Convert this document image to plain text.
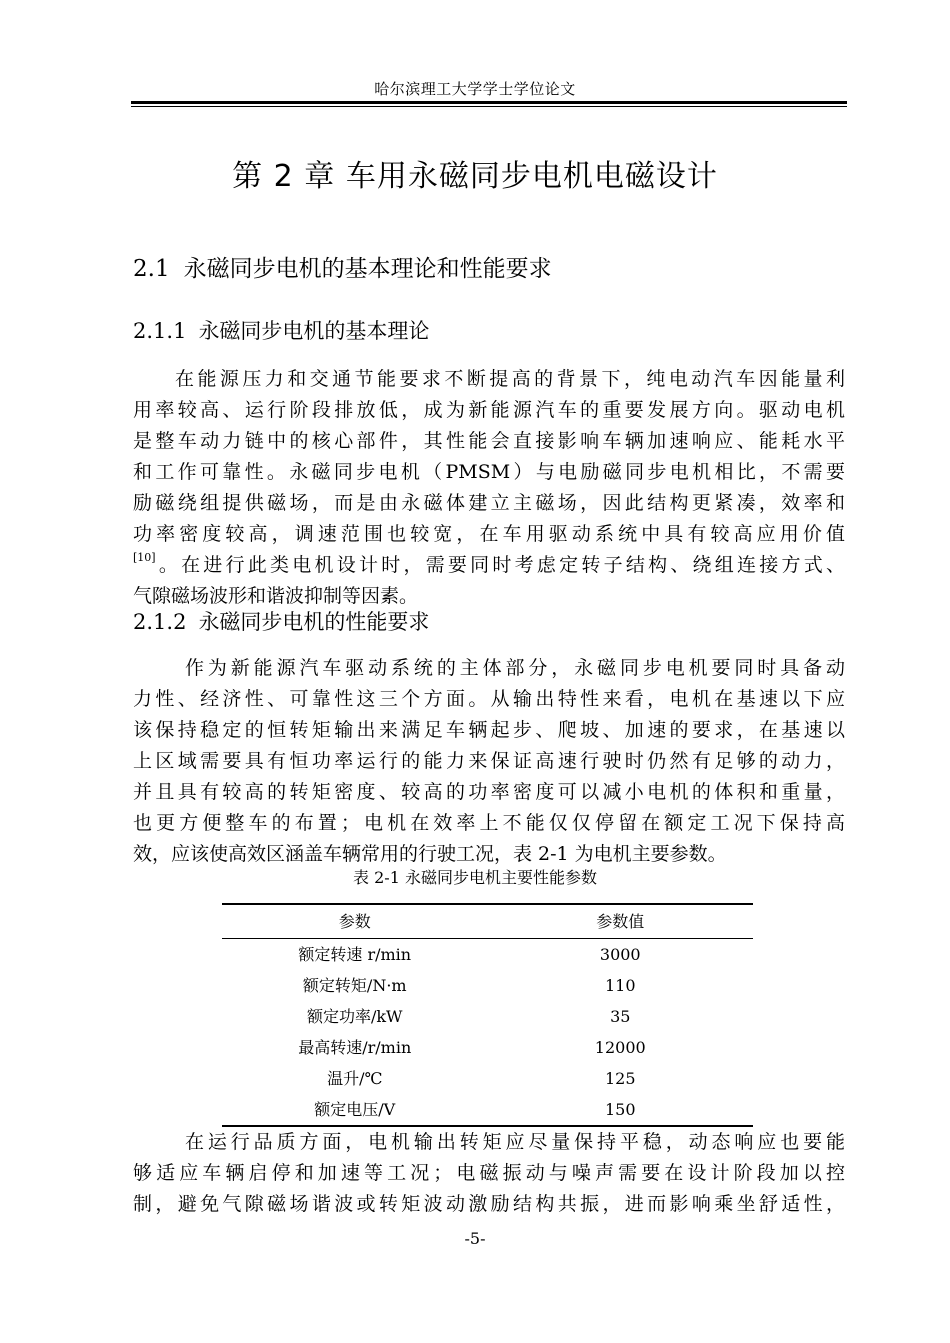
哈尔滨理工大学学士学位论文
第 2 章 车用永磁同步电机电磁设计
2.1 永磁同步电机的基本理论和性能要求
2.1.1 永磁同步电机的基本理论
在能源压力和交通节能要求不断提高的背景下，纯电动汽车因能量利
用率较高、运行阶段排放低，成为新能源汽车的重要发展方向。驱动电机
是整车动力链中的核心部件，其性能会直接影响车辆加速响应、能耗水平
和工作可靠性。永磁同步电机（PMSM）与电励磁同步电机相比，不需要
励磁绕组提供磁场，而是由永磁体建立主磁场，因此结构更紧凑，效率和
功率密度较高，调速范围也较宽，在车用驱动系统中具有较高应用价值
[10]。在进行此类电机设计时，需要同时考虑定转子结构、绕组连接方式、
气隙磁场波形和谐波抑制等因素。
2.1.2 永磁同步电机的性能要求
作为新能源汽车驱动系统的主体部分，永磁同步电机要同时具备动
力性、经济性、可靠性这三个方面。从输出特性来看，电机在基速以下应
该保持稳定的恒转矩输出来满足车辆起步、爬坡、加速的要求，在基速以
上区域需要具有恒功率运行的能力来保证高速行驶时仍然有足够的动力，
并且具有较高的转矩密度、较高的功率密度可以减小电机的体积和重量，
也更方便整车的布置；电机在效率上不能仅仅停留在额定工况下保持高
效，应该使高效区涵盖车辆常用的行驶工况，表 2-1 为电机主要参数。
表 2-1 永磁同步电机主要性能参数
参数	参数值
额定转速 r/min	3000
额定转矩/N·m	110
额定功率/kW	35
最高转速/r/min	12000
温升/℃	125
额定电压/V	150
在运行品质方面，电机输出转矩应尽量保持平稳，动态响应也要能
够适应车辆启停和加速等工况；电磁振动与噪声需要在设计阶段加以控
制，避免气隙磁场谐波或转矩波动激励结构共振，进而影响乘坐舒适性，
-5-
